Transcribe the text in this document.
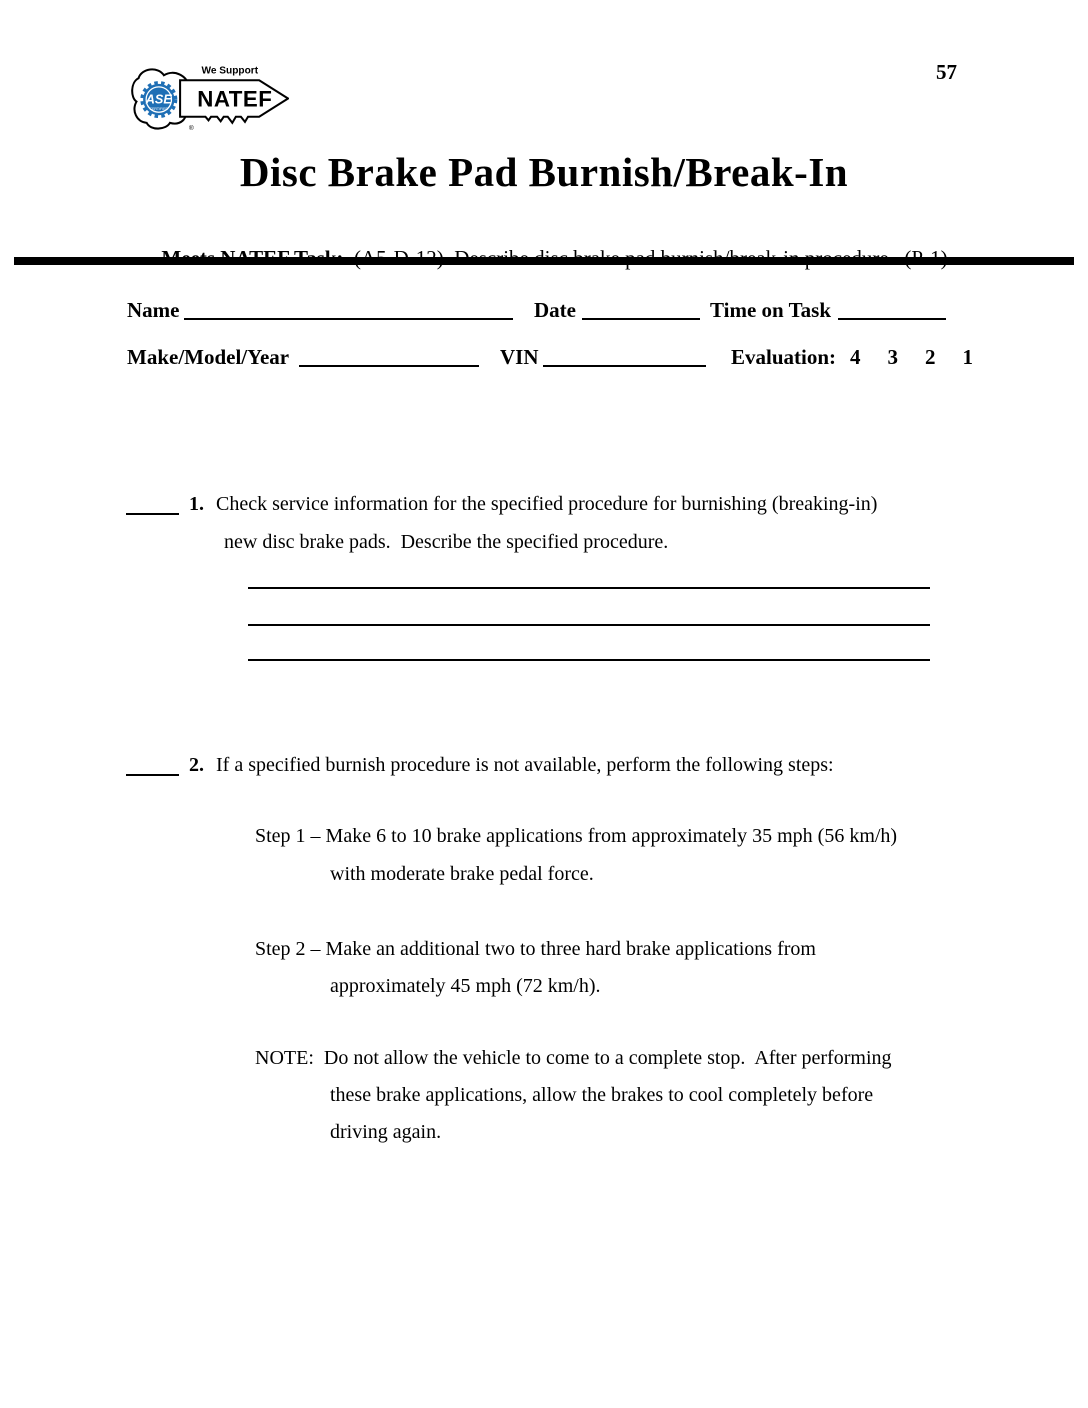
57
ASE
CERTIFIED
We Support
NATEF
®
Disc Brake Pad Burnish/Break-In

Name	Date	Time on Task
Make/Model/Year	VIN	Evaluation: 4 3 2 1
1. Check service information for the specified procedure for burnishing (breaking-in)
new disc brake pads.  Describe the specified procedure.
2. If a specified burnish procedure is not available, perform the following steps:
Step 1 – Make 6 to 10 brake applications from approximately 35 mph (56 km/h)
with moderate brake pedal force.
Step 2 – Make an additional two to three hard brake applications from
approximately 45 mph (72 km/h).
NOTE:  Do not allow the vehicle to come to a complete stop.  After performing
these brake applications, allow the brakes to cool completely before
driving again.
